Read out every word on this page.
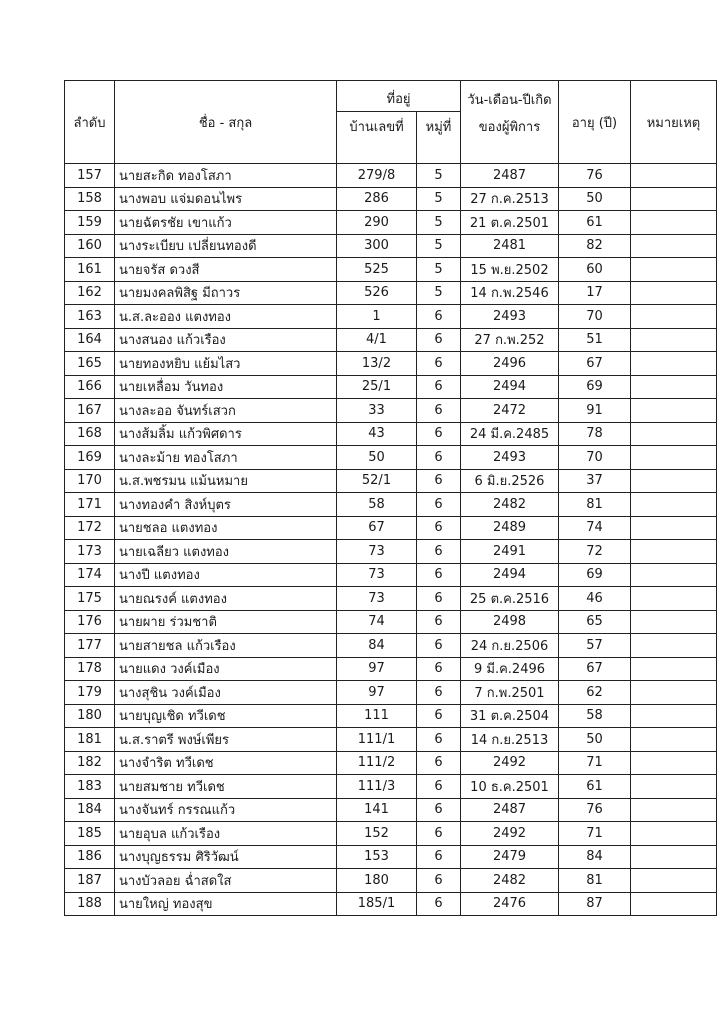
ลำดับ	ชื่อ - สกุล	ที่อยู่		วัน-เดือน-ปีเกิด	อายุ (ปี)	หมายเหตุ
		บ้านเลขที่	หมู่ที่	ของผู้พิการ		
157	นายสะกิด ทองโสภา	279/8	5	2487	76	
158	นางพอบ แจ่มดอนไพร	286	5	27 ก.ค.2513	50	
159	นายฉัตรชัย เขาแก้ว	290	5	21 ต.ค.2501	61	
160	นางระเบียบ เปลี่ยนทองดี	300	5	2481	82	
161	นายจรัส ดวงสี	525	5	15 พ.ย.2502	60	
162	นายมงคลพิสิฐ มีถาวร	526	5	14 ก.พ.2546	17	
163	น.ส.ละออง แตงทอง	1	6	2493	70	
164	นางสนอง แก้วเรือง	4/1	6	27 ก.พ.252	51	
165	นายทองหยิบ แย้มไสว	13/2	6	2496	67	
166	นายเหลื่อม วันทอง	25/1	6	2494	69	
167	นางละออ จันทร์เสวก	33	6	2472	91	
168	นางส้มลิ้ม แก้วพิศดาร	43	6	24 มี.ค.2485	78	
169	นางละม้าย ทองโสภา	50	6	2493	70	
170	น.ส.พชรมน แม้นหมาย	52/1	6	6 มิ.ย.2526	37	
171	นางทองคำ สิงห์บุตร	58	6	2482	81	
172	นายชลอ แตงทอง	67	6	2489	74	
173	นายเฉลียว แตงทอง	73	6	2491	72	
174	นางปี แตงทอง	73	6	2494	69	
175	นายณรงค์ แตงทอง	73	6	25 ต.ค.2516	46	
176	นายผาย ร่วมชาติ	74	6	2498	65	
177	นายสายชล แก้วเรือง	84	6	24 ก.ย.2506	57	
178	นายแดง วงค์เมือง	97	6	9 มี.ค.2496	67	
179	นางสุชิน วงค์เมือง	97	6	7 ก.พ.2501	62	
180	นายบุญเชิด ทวีเดช	111	6	31 ต.ค.2504	58	
181	น.ส.ราตรี พงษ์เพียร	111/1	6	14 ก.ย.2513	50	
182	นางจำริต ทวีเดช	111/2	6	2492	71	
183	นายสมชาย ทวีเดช	111/3	6	10 ธ.ค.2501	61	
184	นางจันทร์ กรรณแก้ว	141	6	2487	76	
185	นายอุบล แก้วเรือง	152	6	2492	71	
186	นางบุญธรรม ศิริวัฒน์	153	6	2479	84	
187	นางบัวลอย ฉ่ำสดใส	180	6	2482	81	
188	นายใหญ่ ทองสุข	185/1	6	2476	87	
